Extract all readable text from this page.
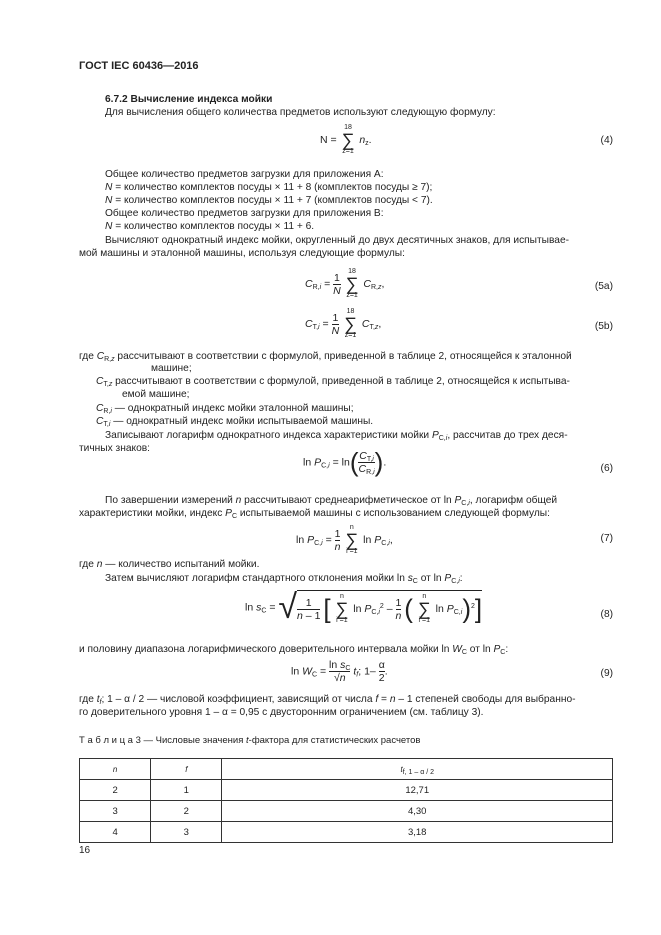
ГОСТ IEC 60436—2016
6.7.2 Вычисление индекса мойки
Для вычисления общего количества предметов используют следующую формулу:
N =
18
∑
z=1
$n_z$.	(4)
Общее количество предметов загрузки для приложения А:
N = количество комплектов посуды × 11 + 8 (комплектов посуды ≥ 7);
N = количество комплектов посуды × 11 + 7 (комплектов посуды < 7).
Общее количество предметов загрузки для приложения В:
N = количество комплектов посуды × 11 + 6.
Вычисляют однократный индекс мойки, округленный до двух десятичных знаков, для испытывае-
мой машины и эталонной машины, используя следующие формулы:
$C_{R,i} = \frac{1}{N}$
	18
∑
z=1
$C_{R,z}$,	(5a)
$C_{T,i} = \frac{1}{N}$
	18
∑
z=1
$C_{T,z}$,	(5b)
где $C_{R,z}$ рассчитывают в соответствии с формулой, приведенной в таблице 2, относящейся к эталонной
машине;
$C_{T,z}$ рассчитывают в соответствии с формулой, приведенной в таблице 2, относящейся к испытыва-
емой машине;
$C_{R,i}$ — однократный индекс мойки эталонной машины;
$C_{T,i}$ — однократный индекс мойки испытываемой машины.
Записывают логарифм однократного индекса характеристики мойки $P_{C,i}$, рассчитав до трех деся-
тичных знаков:
$\ln P_{C,i} = \ln( \frac{C_{T,i}}{C_{R,i}}$ ).
(6)
По завершении измерений n рассчитывают среднеарифметическое от $\ln P_{C,i}$, логарифм общей
характеристики мойки, индекс $P_C$ испытываемой машины с использованием следующей формулы:
$\ln P_{C,i} = \frac{1}{n}$
	n
∑
i =1
$\ln P_{C,i}$,	(7)
где n — количество испытаний мойки.
Затем вычисляют логарифм стандартного отклонения мойки $\ln s_C$ от $\ln P_{C,i}$:
$\ln s_C$ = √ $\frac{1}{n - 1}$ [	n
∑
i =1
$\ln P_{C,i}^2 - \frac{1}{n}$ (	n
∑
i =1
$\ln P_{C,i})^2$]	(8)
и половину диапазона логарифмического доверительного интервала мойки $\ln W_C$ от $\ln P_C$:
$\ln W_C = \frac{\ln s_C}{√n} t_f$; $1- \frac{\alpha}{2}$ .	(9)
где $t_f$; 1 – α / 2 — числовой коэффициент, зависящий от числа f = n – 1 степеней свободы для выбранно-
го доверительного уровня 1 – α = 0,95 с двусторонним ограничением (см. таблицу 3).
Т а б л и ц а 3 — Числовые значения t-фактора для статистических расчетов
n	f	$t_{f, 1 - \alpha / 2}$
2	1	12,71
3	2	4,30
4	3	3,18
16
